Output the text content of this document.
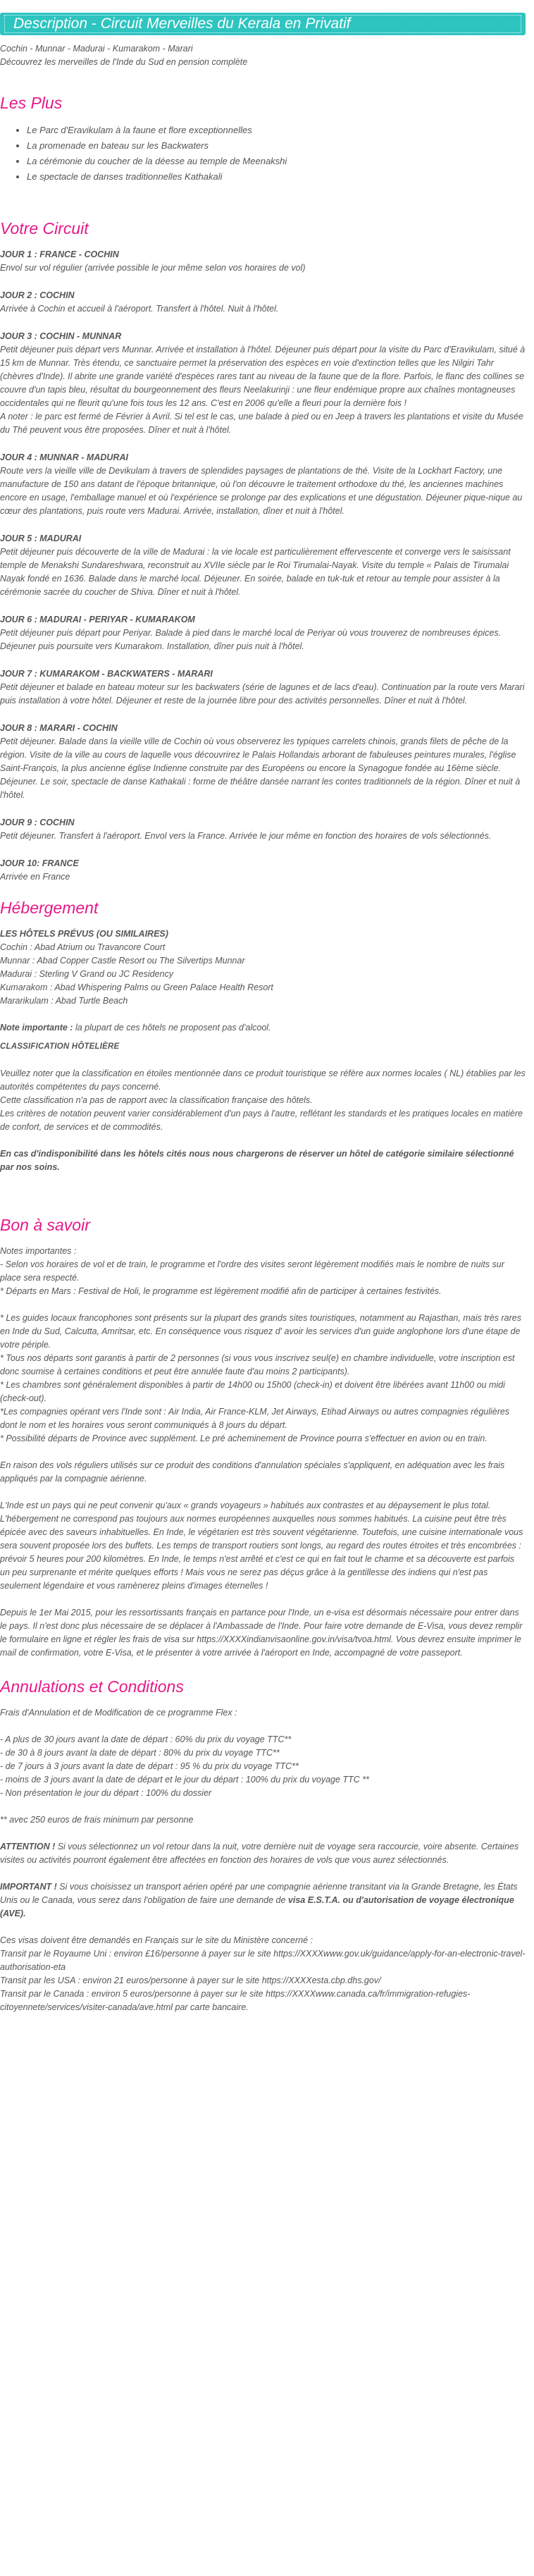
Description - Circuit Merveilles du Kerala en Privatif
Cochin - Munnar - Madurai - Kumarakom - Marari
Découvrez les merveilles de l'Inde du Sud en pension complète
Les Plus
• Le Parc d'Eravikulam à la faune et flore exceptionnelles
• La promenade en bateau sur les Backwaters
• La cérémonie du coucher de la déesse au temple de Meenakshi
• Le spectacle de danses traditionnelles Kathakali
Votre Circuit
JOUR 1 : FRANCE - COCHIN
Envol sur vol régulier (arrivée possible le jour même selon vos horaires de vol)
JOUR 2 : COCHIN
Arrivée à Cochin et accueil à l'aéroport. Transfert à l'hôtel. Nuit à l'hôtel.
JOUR 3 : COCHIN - MUNNAR
Petit déjeuner puis départ vers Munnar. Arrivée et installation à l'hôtel. Déjeuner puis départ pour la visite du Parc d'Eravikulam, situé à 15 km de Munnar. Très étendu, ce sanctuaire permet la préservation des espèces en voie d'extinction telles que les Nilgiri Tahr (chèvres d'Inde). Il abrite une grande variété d'espèces rares tant au niveau de la faune que de la flore. Parfois, le flanc des collines se couvre d'un tapis bleu, résultat du bourgeonnement des fleurs Neelakurinji : une fleur endémique propre aux chaînes montagneuses occidentales qui ne fleurit qu'une fois tous les 12 ans. C'est en 2006 qu'elle a fleuri pour la dernière fois !
A noter : le parc est fermé de Février à Avril. Si tel est le cas, une balade à pied ou en Jeep à travers les plantations et visite du Musée du Thé peuvent vous être proposées. Dîner et nuit à l'hôtel.
JOUR 4 : MUNNAR - MADURAI
Route vers la vieille ville de Devikulam à travers de splendides paysages de plantations de thé. Visite de la Lockhart Factory, une manufacture de 150 ans datant de l'époque britannique, où l'on découvre le traitement orthodoxe du thé, les anciennes machines encore en usage, l'emballage manuel et où l'expérience se prolonge par des explications et une dégustation. Déjeuner pique-nique au cœur des plantations, puis route vers Madurai. Arrivée, installation, dîner et nuit à l'hôtel.
JOUR 5 : MADURAI
Petit déjeuner puis découverte de la ville de Madurai : la vie locale est particulièrement effervescente et converge vers le saisissant temple de Menakshi Sundareshwara, reconstruit au XVIIe siècle par le Roi Tirumalai-Nayak. Visite du temple « Palais de Tirumalai Nayak fondé en 1636. Balade dans le marché local. Déjeuner. En soirée, balade en tuk-tuk et retour au temple pour assister à la cérémonie sacrée du coucher de Shiva. Dîner et nuit à l'hôtel.
JOUR 6 : MADURAI - PERIYAR - KUMARAKOM
Petit déjeuner puis départ pour Periyar. Balade à pied dans le marché local de Periyar où vous trouverez de nombreuses épices. Déjeuner puis poursuite vers Kumarakom. Installation, dîner puis nuit à l'hôtel.
JOUR 7 : KUMARAKOM - BACKWATERS - MARARI
Petit déjeuner et balade en bateau moteur sur les backwaters (série de lagunes et de lacs d'eau). Continuation par la route vers Marari puis installation à votre hôtel. Déjeuner et reste de la journée libre pour des activités personnelles. Dîner et nuit à l'hôtel.
JOUR 8 : MARARI - COCHIN
Petit déjeuner. Balade dans la vieille ville de Cochin où vous observerez les typiques carrelets chinois, grands filets de pêche de la région. Visite de la ville au cours de laquelle vous découvrirez le Palais Hollandais arborant de fabuleuses peintures murales, l'église Saint-François, la plus ancienne église Indienne construite par des Européens ou encore la Synagogue fondée au 16ème siècle. Déjeuner. Le soir, spectacle de danse Kathakali : forme de théâtre dansée narrant les contes traditionnels de la région. Dîner et nuit à l'hôtel.
JOUR 9 : COCHIN
Petit déjeuner. Transfert à l'aéroport. Envol vers la France. Arrivée le jour même en fonction des horaires de vols sélectionnés.
JOUR 10: FRANCE
Arrivée en France
Hébergement
LES HÔTELS PRÉVUS (OU SIMILAIRES)
Cochin : Abad Atrium ou Travancore Court
Munnar : Abad Copper Castle Resort ou The Silvertips Munnar
Madurai : Sterling V Grand ou JC Residency
Kumarakom : Abad Whispering Palms ou Green Palace Health Resort
Mararikulam : Abad Turtle Beach
Note importante : la plupart de ces hôtels ne proposent pas d'alcool.
CLASSIFICATION HÔTELIÈRE
Veuillez noter que la classification en étoiles mentionnée dans ce produit touristique se réfère aux normes locales ( NL) établies par les autorités compétentes du pays concerné.
Cette classification n'a pas de rapport avec la classification française des hôtels.
Les critères de notation peuvent varier considérablement d'un pays à l'autre, reflétant les standards et les pratiques locales en matière de confort, de services et de commodités.
En cas d'indisponibilité dans les hôtels cités nous nous chargerons de réserver un hôtel de catégorie similaire sélectionné par nos soins.
Bon à savoir
Notes importantes :
- Selon vos horaires de vol et de train, le programme et l'ordre des visites seront légèrement modifiés mais le nombre de nuits sur place sera respecté.
* Départs en Mars : Festival de Holi, le programme est légèrement modifié afin de participer à certaines festivités.
* Les guides locaux francophones sont présents sur la plupart des grands sites touristiques, notamment au Rajasthan, mais très rares en Inde du Sud, Calcutta, Amritsar, etc. En conséquence vous risquez d' avoir les services d'un guide anglophone lors d'une étape de votre périple.
* Tous nos départs sont garantis à partir de 2 personnes (si vous vous inscrivez seul(e) en chambre individuelle, votre inscription est donc soumise à certaines conditions et peut être annulée faute d'au moins 2 participants).
* Les chambres sont généralement disponibles à partir de 14h00 ou 15h00 (check-in) et doivent être libérées avant 11h00 ou midi (check-out).
*Les compagnies opérant vers l'Inde sont : Air India, Air France-KLM, Jet Airways, Etihad Airways ou autres compagnies régulières dont le nom et les horaires vous seront communiqués à 8 jours du départ.
* Possibilité départs de Province avec supplément. Le pré acheminement de Province pourra s'effectuer en avion ou en train.

En raison des vols réguliers utilisés sur ce produit des conditions d'annulation spéciales s'appliquent, en adéquation avec les frais appliqués par la compagnie aérienne.

L'Inde est un pays qui ne peut convenir qu'aux « grands voyageurs » habitués aux contrastes et au dépaysement le plus total. L'hébergement ne correspond pas toujours aux normes européennes auxquelles nous sommes habitués. La cuisine peut être très épicée avec des saveurs inhabituelles. En Inde, le végétarien est très souvent végétarienne. Toutefois, une cuisine internationale vous sera souvent proposée lors des buffets. Les temps de transport routiers sont longs, au regard des routes étroites et très encombrées : prévoir 5 heures pour 200 kilomètres. En Inde, le temps n'est arrêté et c'est ce qui en fait tout le charme et sa découverte est parfois un peu surprenante et mérite quelques efforts ! Mais vous ne serez pas déçus grâce à la gentillesse des indiens qui n'est pas seulement légendaire et vous ramènerez pleins d'images éternelles !

Depuis le 1er Mai 2015, pour les ressortissants français en partance pour l'Inde, un e-visa est désormais nécessaire pour entrer dans le pays. Il n'est donc plus nécessaire de se déplacer à l'Ambassade de l'Inde. Pour faire votre demande de E-Visa, vous devez remplir le formulaire en ligne et régler les frais de visa sur https://XXXXindianvisaonline.gov.in/visa/tvoa.html. Vous devrez ensuite imprimer le mail de confirmation, votre E-Visa, et le présenter à votre arrivée à l'aéroport en Inde, accompagné de votre passeport.

Annulations et Conditions
Frais d'Annulation et de Modification de ce programme Flex :
- A plus de 30 jours avant la date de départ : 60% du prix du voyage TTC**
- de 30 à 8 jours avant la date de départ : 80% du prix du voyage TTC**
- de 7 jours à 3 jours avant la date de départ : 95 % du prix du voyage TTC**
- moins de 3 jours avant la date de départ et le jour du départ : 100% du prix du voyage TTC **
- Non présentation le jour du départ : 100% du dossier
** avec 250 euros de frais minimum par personne

ATTENTION ! Si vous sélectionnez un vol retour dans la nuit, votre dernière nuit de voyage sera raccourcie, voire absente. Certaines visites ou activités pourront également être affectées en fonction des horaires de vols que vous aurez sélectionnés.

IMPORTANT ! Si vous choisissez un transport aérien opéré par une compagnie aérienne transitant via la Grande Bretagne, les États Unis ou le Canada, vous serez dans l'obligation de faire une demande de visa E.S.T.A. ou d'autorisation de voyage électronique (AVE).

Ces visas doivent être demandés en Français sur le site du Ministère concerné :
Transit par le Royaume Uni : environ £16/personne à payer sur le site https://XXXXwww.gov.uk/guidance/apply-for-an-electronic-travel-authorisation-eta
Transit par les USA : environ 21 euros/personne à payer sur le site https://XXXXesta.cbp.dhs.gov/
Transit par le Canada : environ 5 euros/personne à payer sur le site https://XXXXwww.canada.ca/fr/immigration-refugies-citoyennete/services/visiter-canada/ave.html par carte bancaire.
